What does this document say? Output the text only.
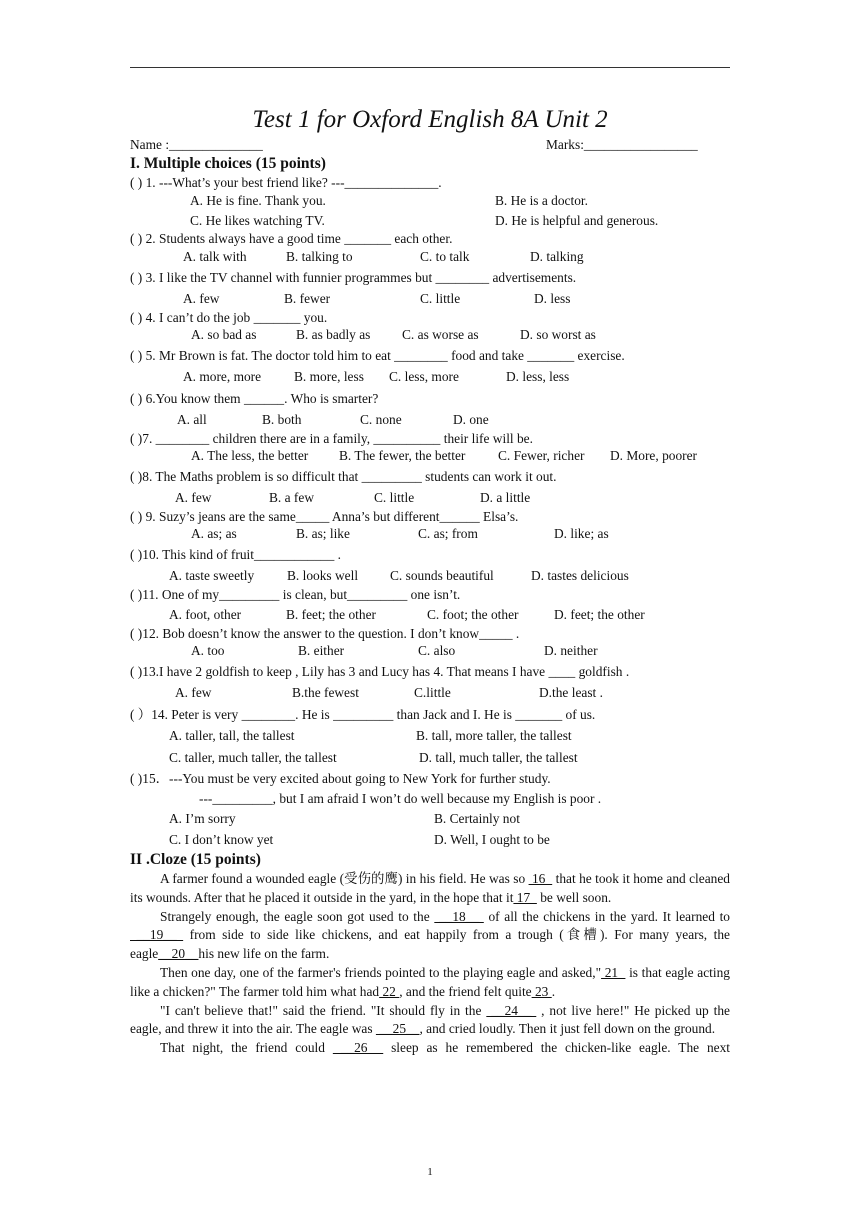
Test 1 for Oxford English 8A Unit 2
Name :______________	Marks:_________________
I. Multiple choices (15 points)
( ) 1. ---What’s your best friend like? ---______________.
A. He is fine. Thank you.	B. He is a doctor.
C. He likes watching TV.	D. He is helpful and generous.
( ) 2. Students always have a good time _______ each other.
A. talk with	B. talking to	C. to talk	D. talking
( ) 3. I like the TV channel with funnier programmes but ________ advertisements.
A. few	B. fewer	C. little	D. less
( ) 4. I can’t do the job _______ you.
A. so bad as	B. as badly as C. as worse as	D. so worst as
( ) 5. Mr Brown is fat. The doctor told him to eat ________ food and take _______ exercise.
A. more, more B. more, less C. less, more	D. less, less
( ) 6.You know them ______. Who is smarter?
A. all	B. both	C. none	D. one
( )7. ________ children there are in a family, __________ their life will be.
A. The less, the better B. The fewer, the better C. Fewer, richer D. More, poorer
( )8. The Maths problem is so difficult that _________ students can work it out.
A. few	B. a few	C. little	D. a little
( ) 9. Suzy’s jeans are the same_____ Anna’s but different______ Elsa’s.
A. as; as	B. as; like	C. as; from	D. like; as
( )10. This kind of fruit____________ .
A. taste sweetly B. looks well C. sounds beautiful	D. tastes delicious
( )11. One of my_________ is clean, but_________ one isn’t.
A. foot, other	B. feet; the other	C. foot; the other	D. feet; the other
( )12. Bob doesn’t know the answer to the question. I don’t know_____ .
A. too	B. either	C. also	D. neither
( )13.I have 2 goldfish to keep , Lily has 3 and Lucy has 4. That means I have ____ goldfish .
A. few	B.the fewest	C.little	D.the least .
( ）14. Peter is very ________. He is _________ than Jack and I. He is _______ of us.
A. taller, tall, the tallest	B. tall, more taller, the tallest
C. taller, much taller, the tallest	D. tall, much taller, the tallest
( )15．---You must be very excited about going to New York for further study.
---_________, but I am afraid I won’t do well because my English is poor .
A. I’m sorry	B. Certainly not
C. I don’t know yet	D. Well, I ought to be
II .Cloze (15 points)
A farmer found a wounded eagle (受伤的鹰) in his field. He was so  16   that he took it home and cleaned its wounds. After that he placed it outside in the yard, in the hope that it 17   be well soon.
Strangely enough, the eagle soon got used to the  __18__  of all the chickens in the yard. It learned to  __19__  from side to side like chickens, and eat happily from a trough (食槽). For many years, the eagle__20__his new life on the farm.
Then one day, one of the farmer's friends pointed to the playing eagle and asked," 21   is that eagle acting like a chicken?" The farmer told him what had 22 , and the friend felt quite 23 .
"I can't believe that!" said the friend. "It should fly in the  __24__  , not live here!" He picked up the eagle, and threw it into the air. The eagle was  __25__, and cried loudly. Then it just fell down on the ground.
That night, the friend could  __26   sleep as he remembered the chicken-like eagle. The next
1
